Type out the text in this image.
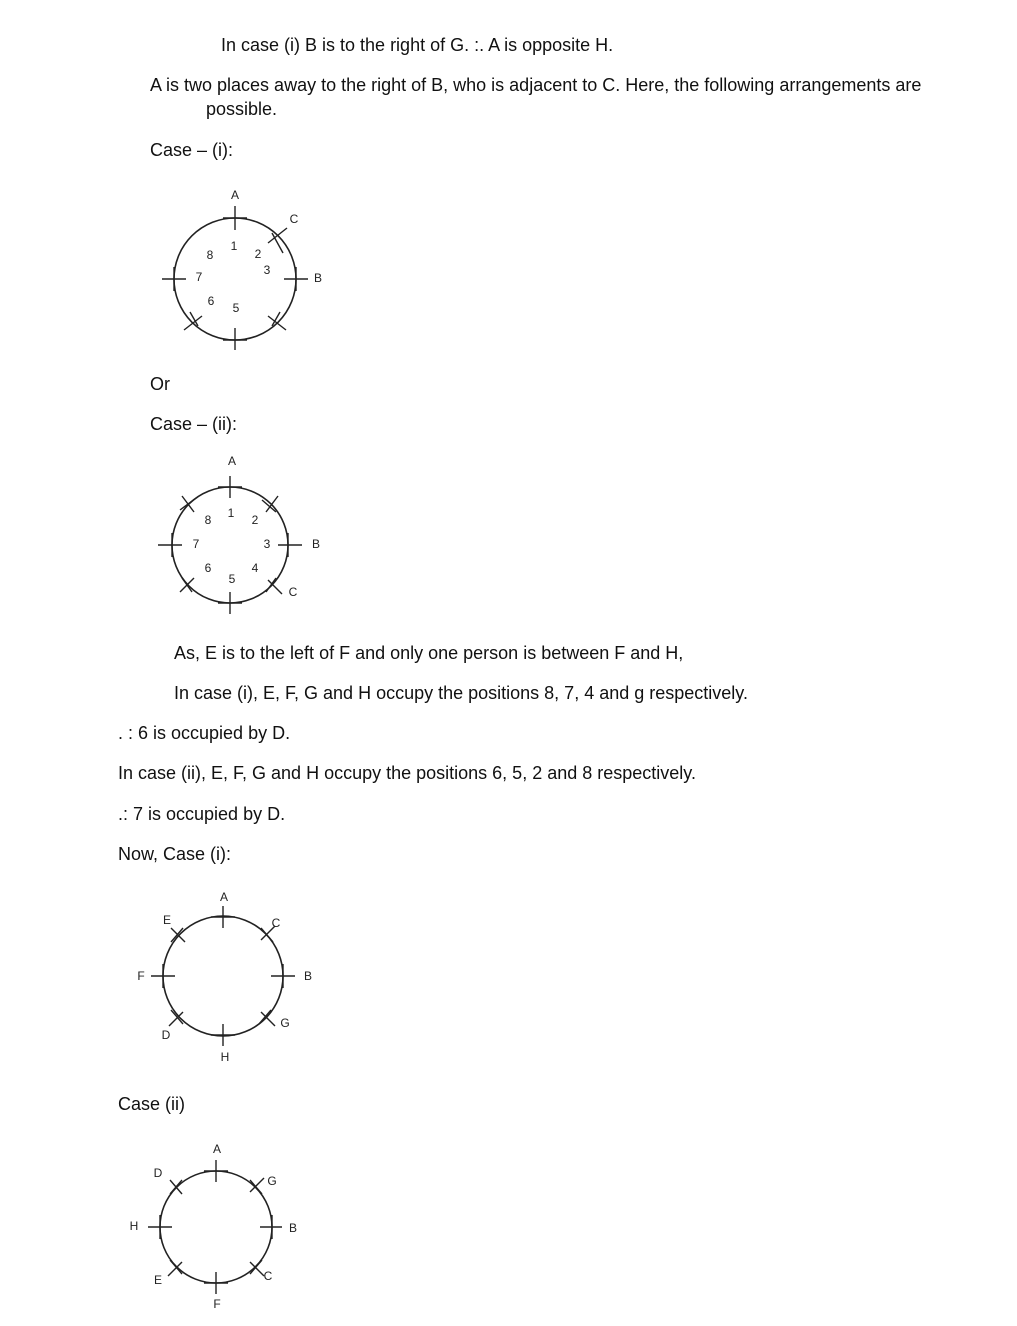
In case (i) B is to the right of G. :. A is opposite H.
A is two places away to the right of B, who is adjacent to C. Here, the following arrangements are
possible.
Case – (i):
A
C
B
1
2
3
5
6
7
8
Or
Case – (ii):
A
B
C
1 2
3
4
5
6
7
8
As, E is to the left of F and only one person is between F and H,
In case (i), E, F, G and H occupy the positions 8, 7, 4 and g respectively.
. : 6 is occupied by D.
In case (ii), E, F, G and H occupy the positions 6, 5, 2 and 8 respectively.
.: 7 is occupied by D.
Now, Case (i):
A
C
B
G
H
D
F
E
Case (ii)
A
G
B
C
F
E
H
D
